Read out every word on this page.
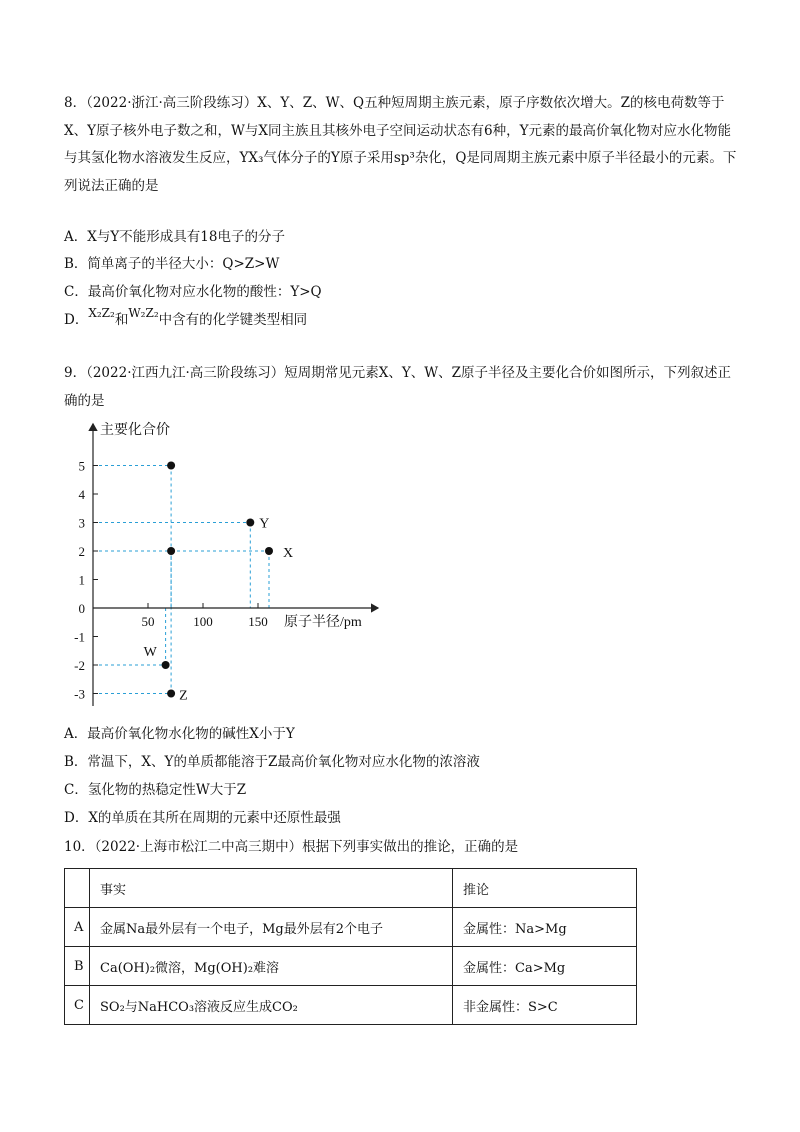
8．（2022·浙江·高三阶段练习）X、Y、Z、W、Q五种短周期主族元素，原子序数依次增大。Z的核电荷数等于X、Y原子核外电子数之和，W与X同主族且其核外电子空间运动状态有6种，Y元素的最高价氧化物对应水化物能与其氢化物水溶液发生反应，YX₃气体分子的Y原子采用sp³杂化，Q是同周期主族元素中原子半径最小的元素。下列说法正确的是

A．X与Y不能形成具有18电子的分子

B．简单离子的半径大小：Q>Z>W

C．最高价氧化物对应水化物的酸性：Y>Q

D．X₂Z₂和W₂Z₂中含有的化学键类型相同

9．（2022·江西九江·高三阶段练习）短周期常见元素X、Y、W、Z原子半径及主要化合价如图所示，下列叙述正确的是

主要化合价
原子半径/pm
5
4
3
2
1
0
-1
-2
-3
50	100	150
Z
W
Y
X

A．最高价氧化物水化物的碱性X小于Y

B．常温下，X、Y的单质都能溶于Z最高价氧化物对应水化物的浓溶液

C．氢化物的热稳定性W大于Z

D．X的单质在其所在周期的元素中还原性最强

10．（2022·上海市松江二中高三期中）根据下列事实做出的推论，正确的是

	事实	推论
A	金属Na最外层有一个电子，Mg最外层有2个电子	金属性：Na>Mg
B	Ca(OH)₂微溶，Mg(OH)₂难溶	金属性：Ca>Mg
C	SO₂与NaHCO₃溶液反应生成CO₂	非金属性：S>C
